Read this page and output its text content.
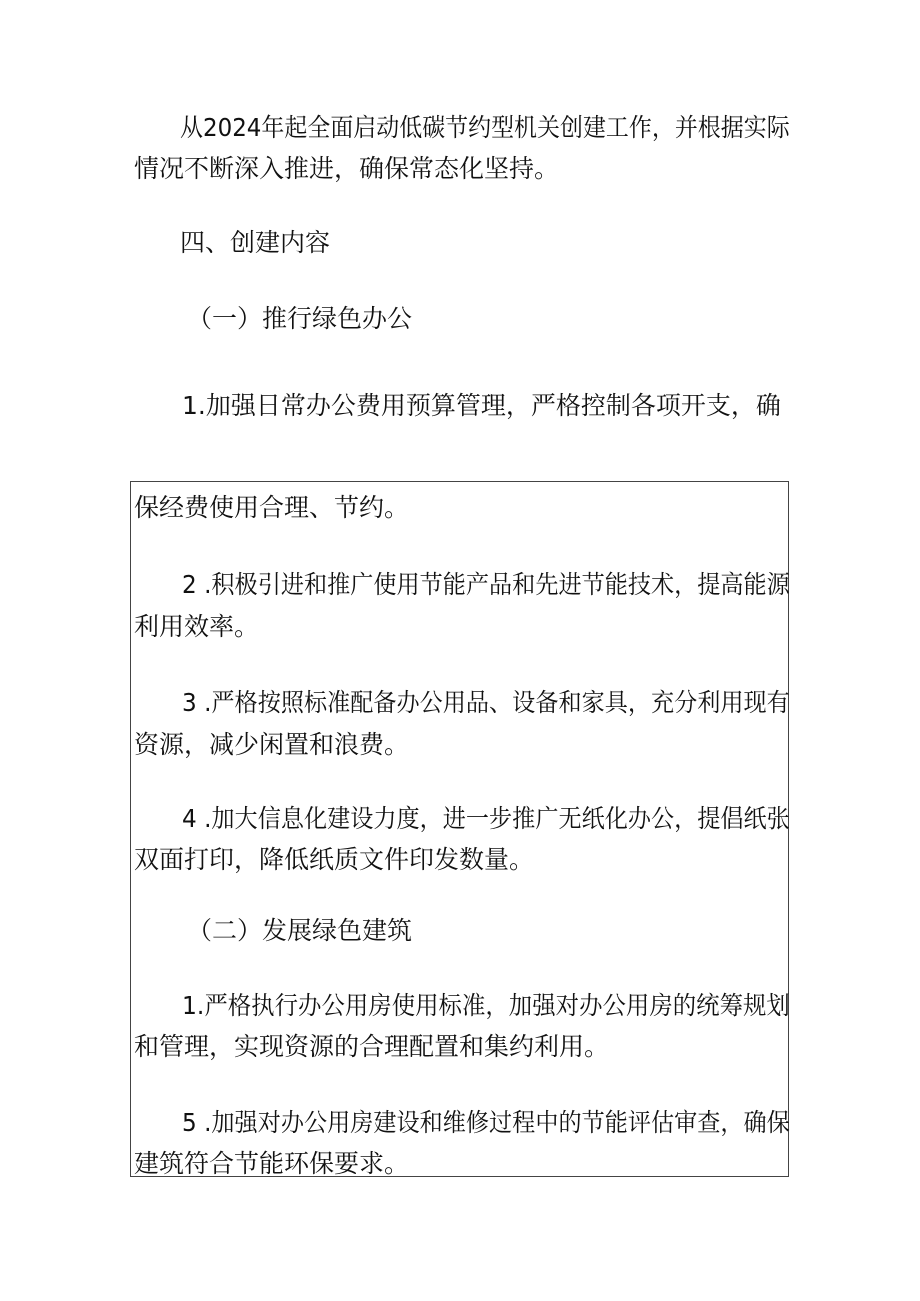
从2024年起全面启动低碳节约型机关创建工作，并根据实际
情况不断深入推进，确保常态化坚持。
四、创建内容
（一）推行绿色办公
1.加强日常办公费用预算管理，严格控制各项开支，确
保经费使用合理、节约。
2 .积极引进和推广使用节能产品和先进节能技术，提高能源
利用效率。
3 .严格按照标准配备办公用品、设备和家具，充分利用现有
资源，减少闲置和浪费。
4 .加大信息化建设力度，进一步推广无纸化办公，提倡纸张
双面打印，降低纸质文件印发数量。
（二）发展绿色建筑
1.严格执行办公用房使用标准，加强对办公用房的统筹规划
和管理，实现资源的合理配置和集约利用。
5 .加强对办公用房建设和维修过程中的节能评估审查，确保
建筑符合节能环保要求。
